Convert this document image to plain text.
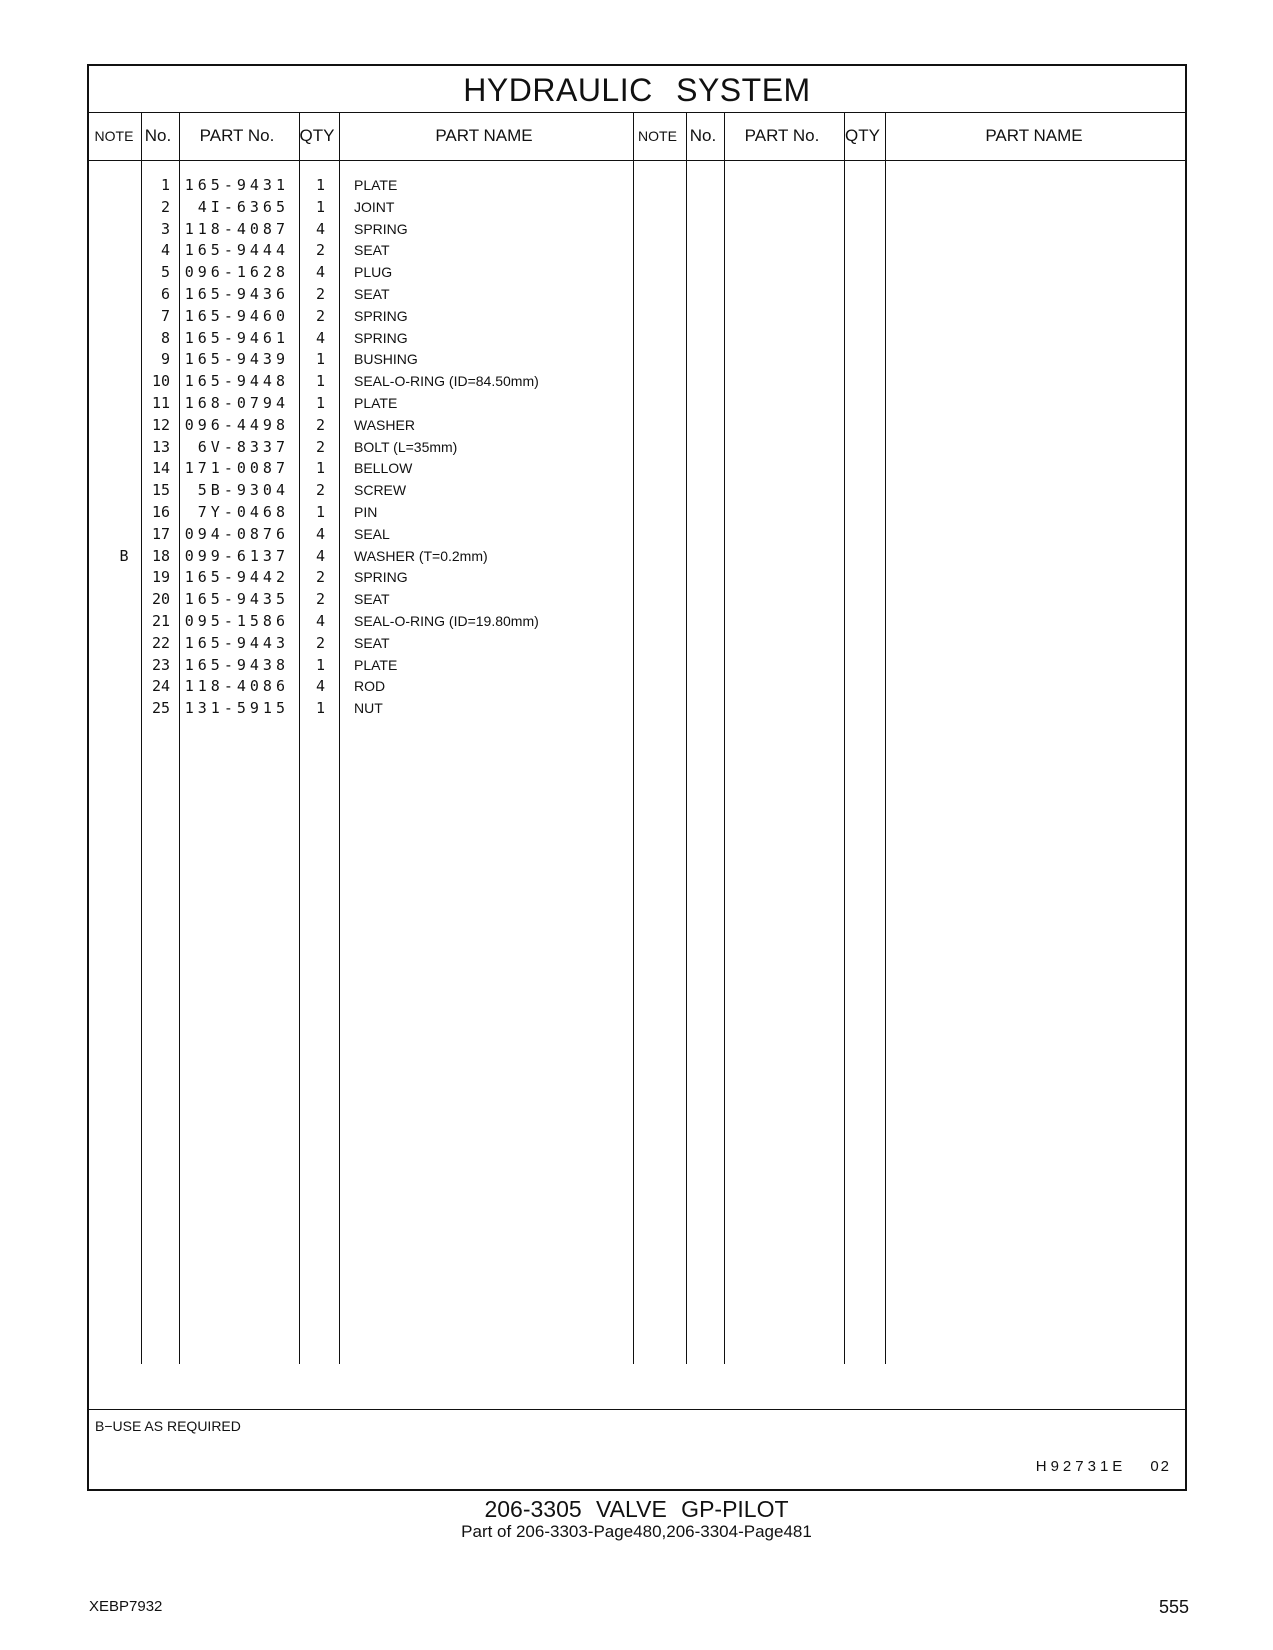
HYDRAULIC SYSTEM
NOTE No.	PART No.	QTY	PART NAME	NOTE No.	PART No.	QTY	PART NAME
1 165-9431	1 PLATE
2	4I-6365	1 JOINT
3 118-4087	4 SPRING
4 165-9444	2 SEAT
5 096-1628	4 PLUG
6 165-9436	2 SEAT
7 165-9460	2 SPRING
8 165-9461	4 SPRING
9 165-9439	1 BUSHING
10 165-9448	1 SEAL-O-RING (ID=84.50mm)
11 168-0794	1 PLATE
12 096-4498	2 WASHER
13	6V-8337	2 BOLT (L=35mm)
14 171-0087	1 BELLOW
15	5B-9304	2 SCREW
16	7Y-0468	1 PIN
17 094-0876	4 SEAL
B	18 099-6137	4 WASHER (T=0.2mm)
19 165-9442	2 SPRING
20 165-9435	2 SEAT
21 095-1586	4 SEAL-O-RING (ID=19.80mm)
22 165-9443	2 SEAT
23 165-9438	1 PLATE
24 118-4086	4 ROD
25 131-5915	1 NUT
B−USE AS REQUIRED
H92731E 02
206-3305 VALVE GP-PILOT
Part of 206-3303-Page480,206-3304-Page481
XEBP7932	555
